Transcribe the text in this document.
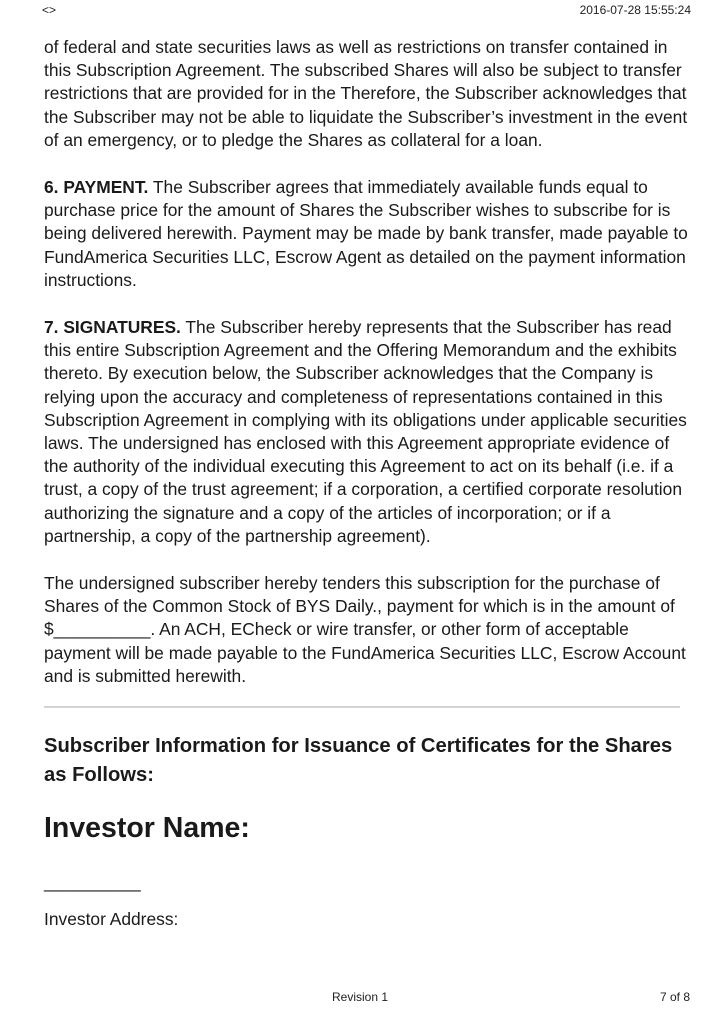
<>	2016-07-28 15:55:24

of federal and state securities laws as well as restrictions on transfer contained in this Subscription Agreement. The subscribed Shares will also be subject to transfer restrictions that are provided for in the Therefore, the Subscriber acknowledges that the Subscriber may not be able to liquidate the Subscriber’s investment in the event of an emergency, or to pledge the Shares as collateral for a loan.

6. PAYMENT. The Subscriber agrees that immediately available funds equal to purchase price for the amount of Shares the Subscriber wishes to subscribe for is being delivered herewith. Payment may be made by bank transfer, made payable to FundAmerica Securities LLC, Escrow Agent as detailed on the payment information instructions.

7. SIGNATURES. The Subscriber hereby represents that the Subscriber has read this entire Subscription Agreement and the Offering Memorandum and the exhibits thereto. By execution below, the Subscriber acknowledges that the Company is relying upon the accuracy and completeness of representations contained in this Subscription Agreement in complying with its obligations under applicable securities laws. The undersigned has enclosed with this Agreement appropriate evidence of the authority of the individual executing this Agreement to act on its behalf (i.e. if a trust, a copy of the trust agreement; if a corporation, a certified corporate resolution authorizing the signature and a copy of the articles of incorporation; or if a partnership, a copy of the partnership agreement).

The undersigned subscriber hereby tenders this subscription for the purchase of Shares of the Common Stock of BYS Daily., payment for which is in the amount of $__________. An ACH, ECheck or wire transfer, or other form of acceptable payment will be made payable to the FundAmerica Securities LLC, Escrow Account and is submitted herewith.

Subscriber Information for Issuance of Certificates for the Shares as Follows:
Investor Name:
__________
Investor Address:
Revision 1	7 of 8
